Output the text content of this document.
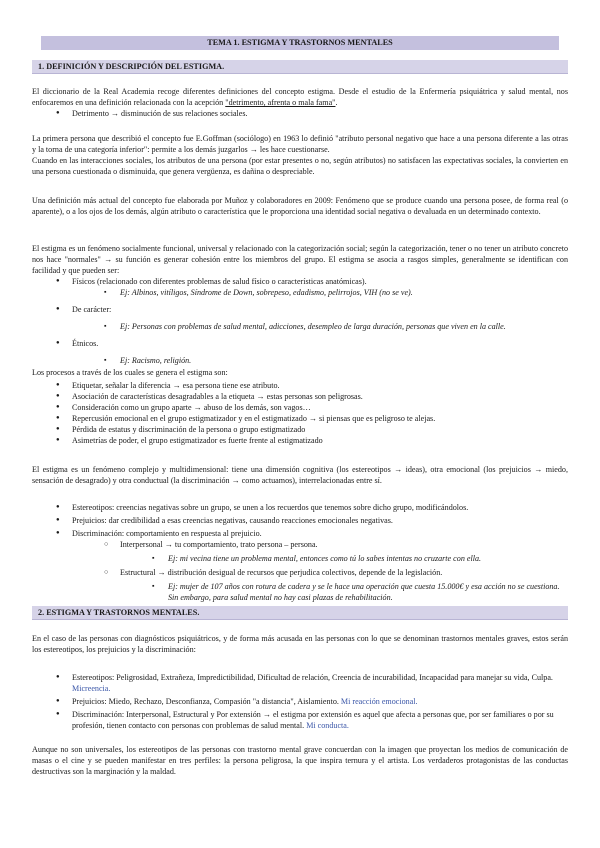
TEMA 1. ESTIGMA Y TRASTORNOS MENTALES
1. DEFINICIÓN Y DESCRIPCIÓN DEL ESTIGMA.
El diccionario de la Real Academia recoge diferentes definiciones del concepto estigma. Desde el estudio de la Enfermería psiquiátrica y salud mental, nos enfocaremos en una definición relacionada con la acepción "detrimento, afrenta o mala fama".
● Detrimento → disminución de sus relaciones sociales.
La primera persona que describió el concepto fue E.Goffman (sociólogo) en 1963 lo definió "atributo personal negativo que hace a una persona diferente a las otras y la torna de una categoría inferior": permite a los demás juzgarlos → les hace cuestionarse.
Cuando en las interacciones sociales, los atributos de una persona (por estar presentes o no, según atributos) no satisfacen las expectativas sociales, la convierten en una persona cuestionada o disminuida, que genera vergüenza, es dañina o despreciable.
Una definición más actual del concepto fue elaborada por Muñoz y colaboradores en 2009: Fenómeno que se produce cuando una persona posee, de forma real (o aparente), o a los ojos de los demás, algún atributo o característica que le proporciona una identidad social negativa o devaluada en un determinado contexto.
El estigma es un fenómeno socialmente funcional, universal y relacionado con la categorización social; según la categorización, tener o no tener un atributo concreto nos hace "normales" → su función es generar cohesión entre los miembros del grupo. El estigma se asocia a rasgos simples, generalmente se identifican con facilidad y que pueden ser:
● Físicos (relacionado con diferentes problemas de salud físico o características anatómicas).
▪ Ej: Albinos, vitíligos, Síndrome de Down, sobrepeso, edadismo, pelirrojos, VIH (no se ve).
● De carácter:
▪ Ej: Personas con problemas de salud mental, adicciones, desempleo de larga duración, personas que viven en la calle.
● Étnicos.
▪ Ej: Racismo, religión.
Los procesos a través de los cuales se genera el estigma son:
● Etiquetar, señalar la diferencia → esa persona tiene ese atributo.
● Asociación de características desagradables a la etiqueta → estas personas son peligrosas.
● Consideración como un grupo aparte → abuso de los demás, son vagos…
● Repercusión emocional en el grupo estigmatizador y en el estigmatizado → si piensas que es peligroso te alejas.
● Pérdida de estatus y discriminación de la persona o grupo estigmatizado
● Asimetrías de poder, el grupo estigmatizador es fuerte frente al estigmatizado
El estigma es un fenómeno complejo y multidimensional: tiene una dimensión cognitiva (los estereotipos → ideas), otra emocional (los prejuicios → miedo, sensación de desagrado) y otra conductual (la discriminación → como actuamos), interrelacionadas entre sí.
● Estereotipos: creencias negativas sobre un grupo, se unen a los recuerdos que tenemos sobre dicho grupo, modificándolos.
● Prejuicios: dar credibilidad a esas creencias negativas, causando reacciones emocionales negativas.
● Discriminación: comportamiento en respuesta al prejuicio.
○ Interpersonal → tu comportamiento, trato persona – persona.
▪ Ej: mi vecina tiene un problema mental, entonces como tú lo sabes intentas no cruzarte con ella.
○ Estructural → distribución desigual de recursos que perjudica colectivos, depende de la legislación.
▪ Ej: mujer de 107 años con rotura de cadera y se le hace una operación que cuesta 15.000€ y esa acción no se cuestiona. Sin embargo, para salud mental no hay casi plazas de rehabilitación.
2. ESTIGMA Y TRASTORNOS MENTALES.
En el caso de las personas con diagnósticos psiquiátricos, y de forma más acusada en las personas con lo que se denominan trastornos mentales graves, estos serán los estereotipos, los prejuicios y la discriminación:
● Estereotipos: Peligrosidad, Extrañeza, Impredictibilidad, Dificultad de relación, Creencia de incurabilidad, Incapacidad para manejar su vida, Culpa. Micreencia.
● Prejuicios: Miedo, Rechazo, Desconfianza, Compasión "a distancia", Aislamiento. Mi reacción emocional.
● Discriminación: Interpersonal, Estructural y Por extensión → el estigma por extensión es aquel que afecta a personas que, por ser familiares o por su profesión, tienen contacto con personas con problemas de salud mental. Mi conducta.
Aunque no son universales, los estereotipos de las personas con trastorno mental grave concuerdan con la imagen que proyectan los medios de comunicación de masas o el cine y se pueden manifestar en tres perfiles: la persona peligrosa, la que inspira ternura y el artista. Los verdaderos protagonistas de las conductas destructivas son la marginación y la maldad.
